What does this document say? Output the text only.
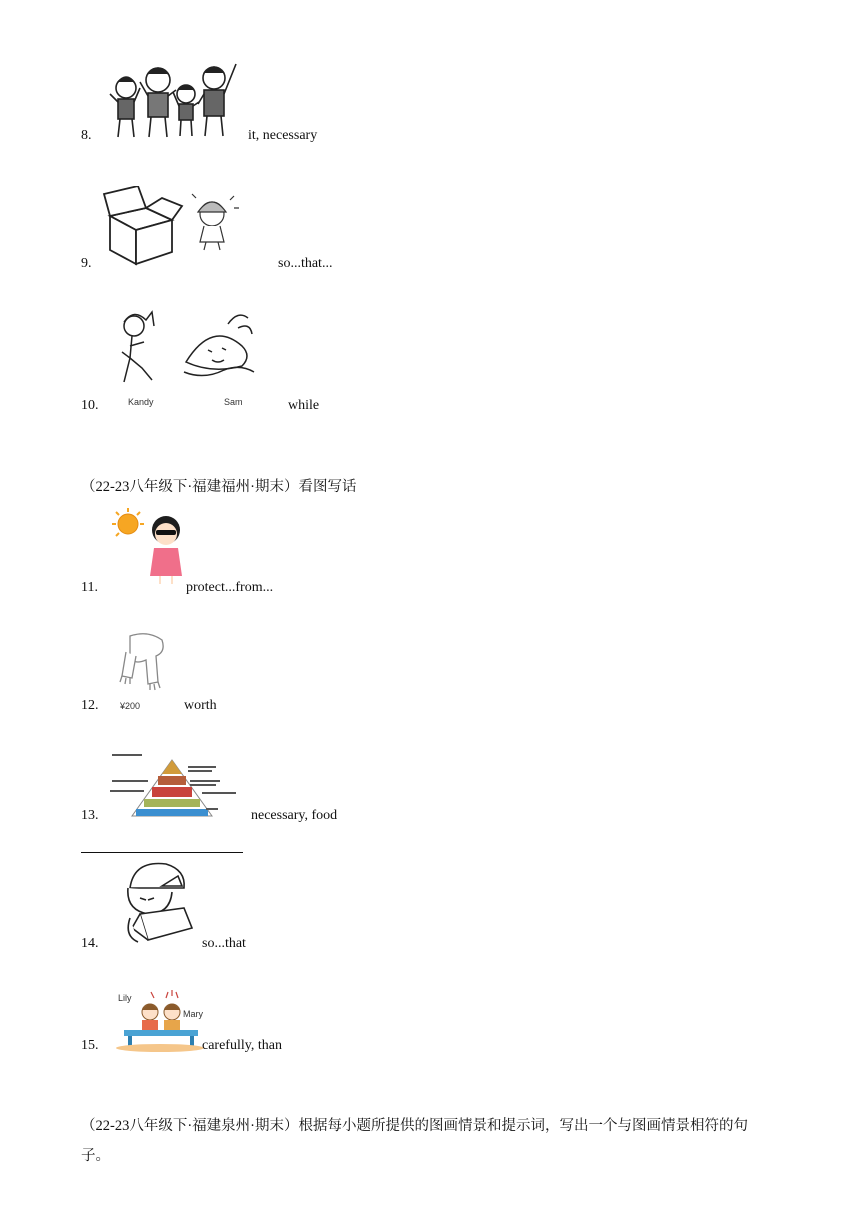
8.	it, necessary
9.	so...that...
Kandy	Sam
10.	while
（22-23八年级下·福建福州·期末）看图写话
11.	protect...from...
¥200
12.	worth
13.	necessary, food
14.	so...that
Lily
Mary
15.	carefully, than
（22-23八年级下·福建泉州·期末）根据每小题所提供的图画情景和提示词，写出一个与图画情景相符的句子。
